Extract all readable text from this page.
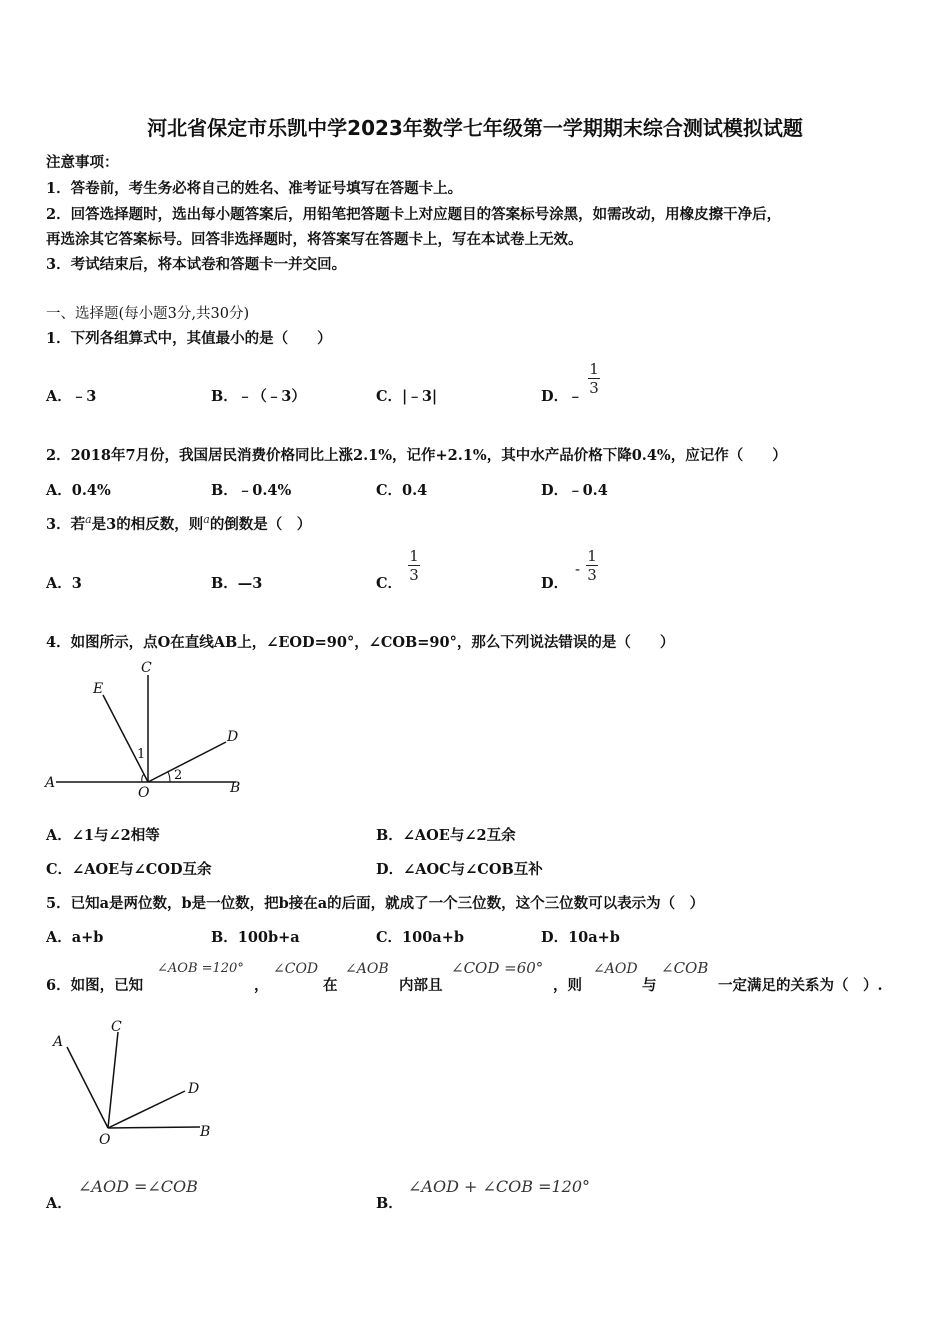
河北省保定市乐凯中学2023年数学七年级第一学期期末综合测试模拟试题
注意事项：
1．答卷前，考生务必将自己的姓名、准考证号填写在答题卡上。
2．回答选择题时，选出每小题答案后，用铅笔把答题卡上对应题目的答案标号涂黑，如需改动，用橡皮擦干净后，
再选涂其它答案标号。回答非选择题时，将答案写在答题卡上，写在本试卷上无效。
3．考试结束后，将本试卷和答题卡一并交回。
一、选择题(每小题3分,共30分)
1．下列各组算式中，其值最小的是（　　）
A．﹣3	B．﹣（﹣3）	C．|﹣3|	D．﹣
1
3
2．2018年7月份，我国居民消费价格同比上涨2.1%，记作+2.1%，其中水产品价格下降0.4%，应记作（　　）
A．0.4%	B．﹣0.4%	C．0.4	D．﹣0.4
3．若$^a$是3的相反数，则$^a$的倒数是（　）
A．3	B．—3	C．
1
3	D．
-
1
3
4．如图所示，点O在直线AB上，∠EOD=90°，∠COB=90°，那么下列说法错误的是（　　）
C
E
D
A
O	B
1
2
A．∠1与∠2相等	B．∠AOE与∠2互余
C．∠AOE与∠COD互余	D．∠AOC与∠COB互补
5．已知a是两位数，b是一位数，把b接在a的后面，就成了一个三位数，这个三位数可以表示为（　）
A．a+b	B．100b+a	C．100a+b	D．10a+b
6．如图，已知
∠AOB =120°
，
∠COD
在
∠AOB
内部且
∠COD =60°
，则
∠AOD
与
∠COB
一定满足的关系为（　）.
A
C
D
O	B
A．
∠AOD =∠COB
B．
∠AOD + ∠COB =120°
